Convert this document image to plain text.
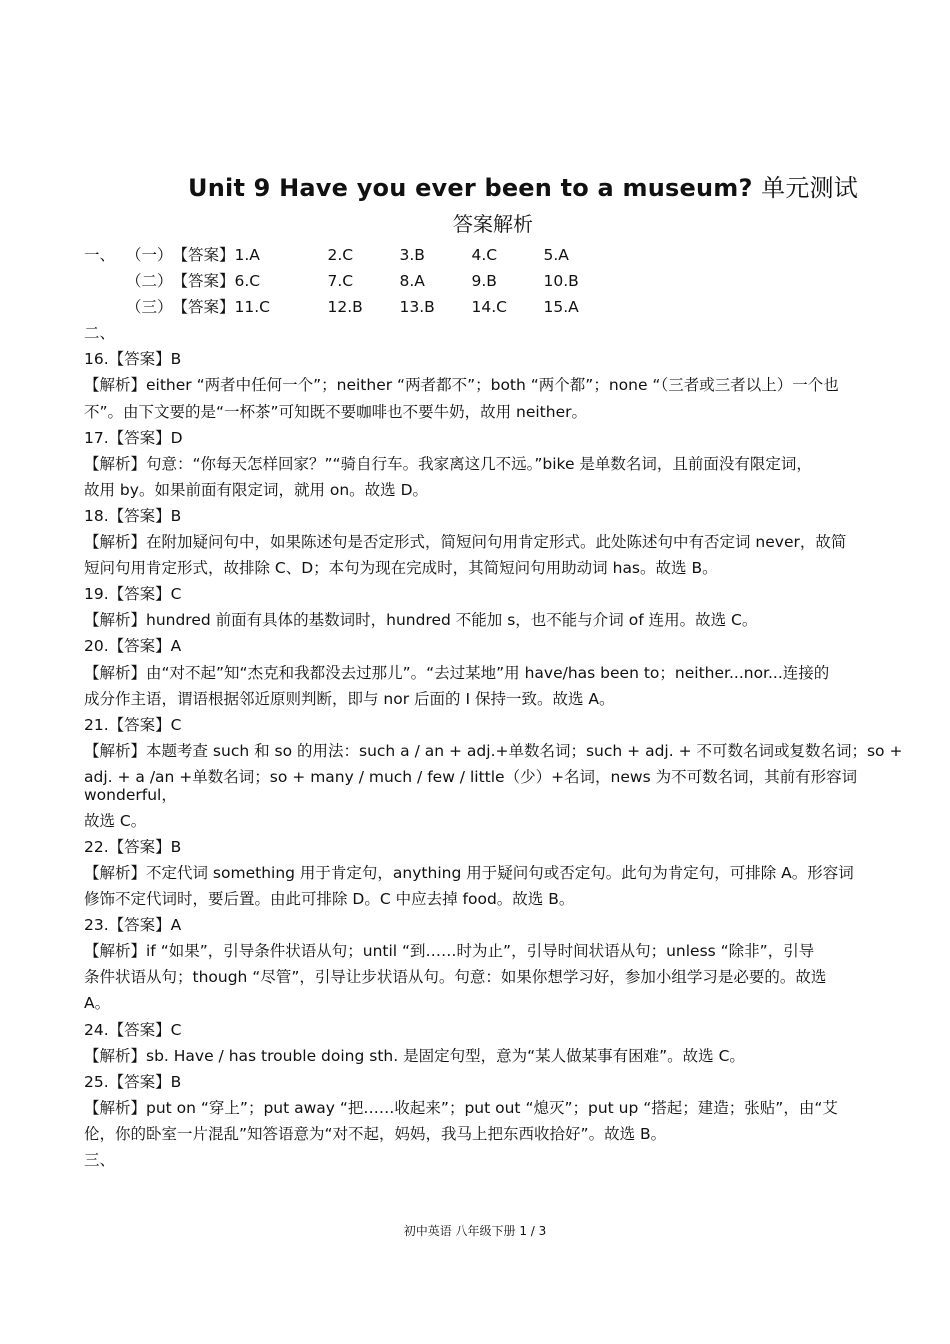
Unit 9 Have you ever been to a museum? 单元测试
答案解析
一、 （一）【答案】1.A	2.C	3.B	4.C	5.A
（二）【答案】6.C	7.C	8.A	9.B	10.B
（三）【答案】11.C	12.B 13.B 14.C 15.A
二、
16.【答案】B
【解析】either “两者中任何一个”；neither “两者都不”；both “两个都”；none “（三者或三者以上）一个也
不”。由下文要的是“一杯茶”可知既不要咖啡也不要牛奶，故用 neither。
17.【答案】D
【解析】句意：“你每天怎样回家？”“骑自行车。我家离这几不远。”bike 是单数名词，且前面没有限定词，
故用 by。如果前面有限定词，就用 on。故选 D。
18.【答案】B
【解析】在附加疑问句中，如果陈述句是否定形式，简短问句用肯定形式。此处陈述句中有否定词 never，故简
短问句用肯定形式，故排除 C、D；本句为现在完成时，其简短问句用助动词 has。故选 B。
19.【答案】C
【解析】hundred 前面有具体的基数词时，hundred 不能加 s，也不能与介词 of 连用。故选 C。
20.【答案】A
【解析】由“对不起”知“杰克和我都没去过那儿”。“去过某地”用 have/has been to；neither...nor...连接的
成分作主语，谓语根据邻近原则判断，即与 nor 后面的 I 保持一致。故选 A。
21.【答案】C
【解析】本题考查 such 和 so 的用法：such a / an + adj.+单数名词；such + adj. + 不可数名词或复数名词；so +
adj. + a /an +单数名词；so + many / much / few / little（少）+名词，news 为不可数名词，其前有形容词 wonderful，
故选 C。
22.【答案】B
【解析】不定代词 something 用于肯定句，anything 用于疑问句或否定句。此句为肯定句，可排除 A。形容词
修饰不定代词时，要后置。由此可排除 D。C 中应去掉 food。故选 B。
23.【答案】A
【解析】if “如果”，引导条件状语从句；until “到……时为止”，引导时间状语从句；unless “除非”，引导
条件状语从句；though “尽管”，引导让步状语从句。句意：如果你想学习好，参加小组学习是必要的。故选
A。
24.【答案】C
【解析】sb. Have / has trouble doing sth. 是固定句型，意为“某人做某事有困难”。故选 C。
25.【答案】B
【解析】put on “穿上”；put away “把……收起来”；put out “熄灭”；put up “搭起；建造；张贴”，由“艾
伦，你的卧室一片混乱”知答语意为“对不起，妈妈，我马上把东西收拾好”。故选 B。
三、
初中英语 八年级下册 1 / 3
